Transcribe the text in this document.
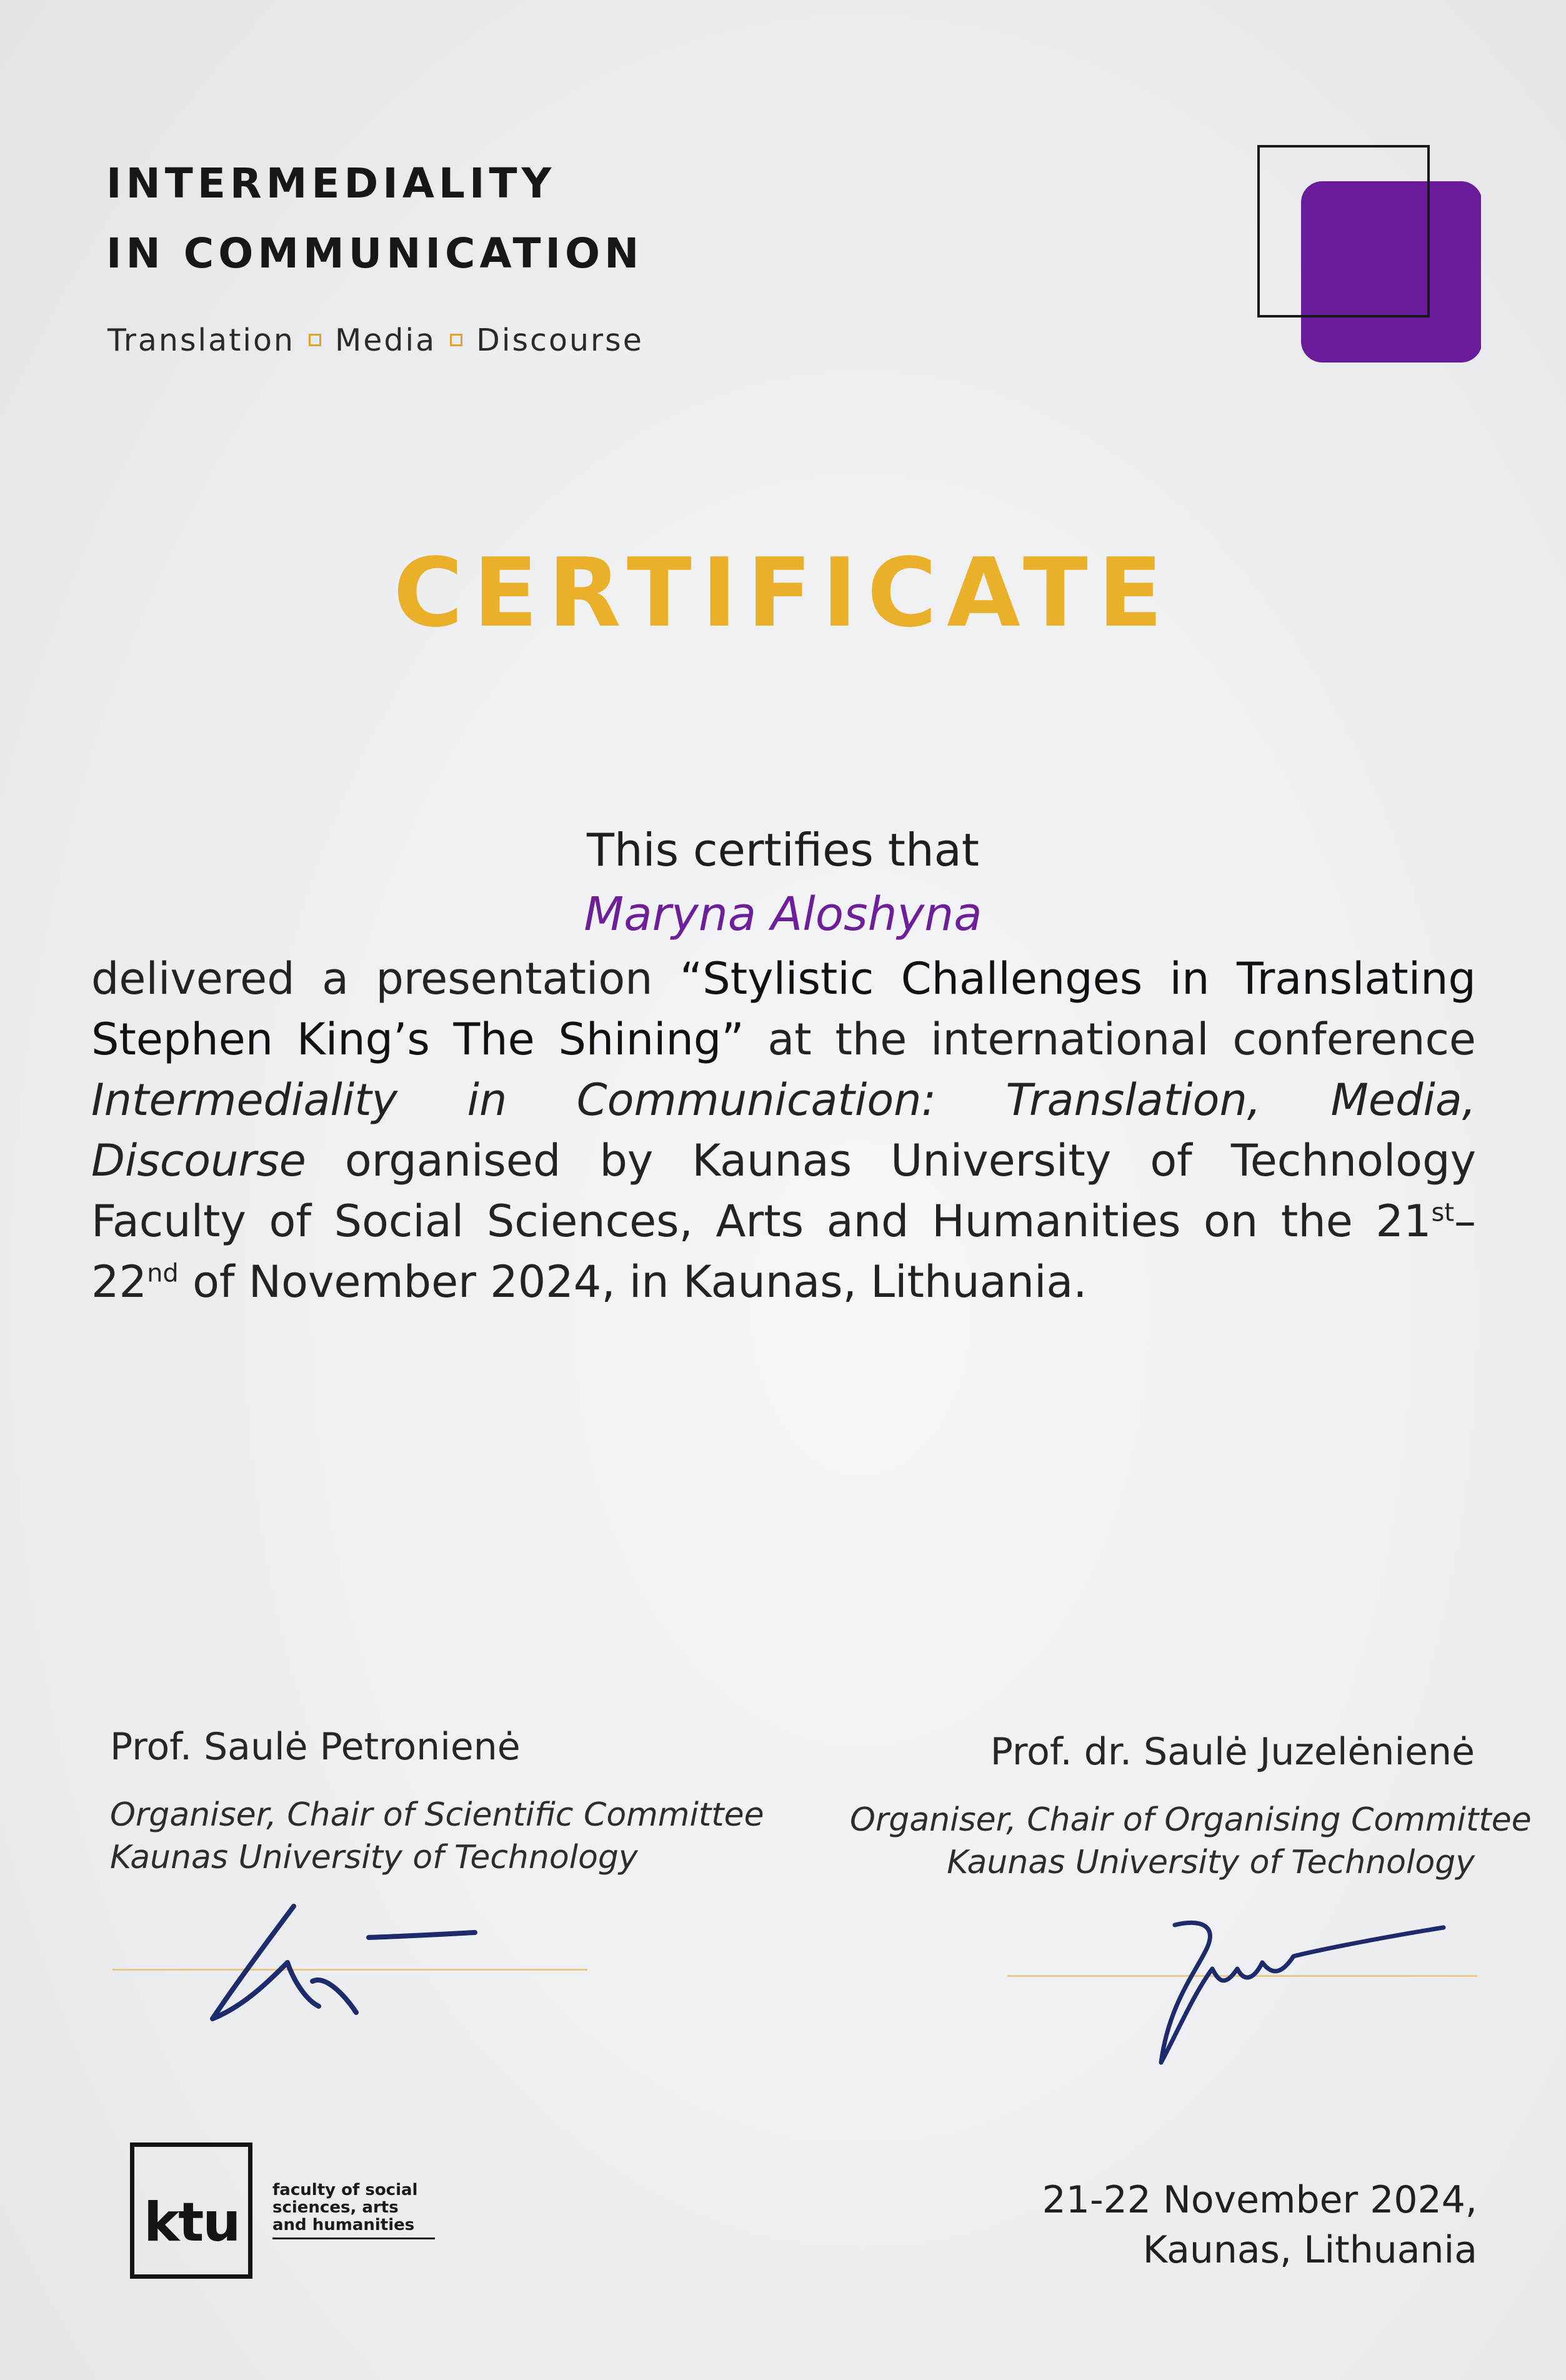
INTERMEDIALITY
IN COMMUNICATION
Translation Media Discourse
CERTIFICATE
This certifies that
Maryna Aloshyna
delivered a presentation “Stylistic Challenges in Translating Stephen King’s The Shining” at the international conference Intermediality in Communication: Translation, Media, Discourse organised by Kaunas University of Technology Faculty of Social Sciences, Arts and Humanities on the 21st–22nd of November 2024, in Kaunas, Lithuania.
Prof. Saulė Petronienė
Organiser, Chair of Scientific Committee
Kaunas University of Technology
Prof. dr. Saulė Juzelėnienė
Organiser, Chair of Organising Committee
Kaunas University of Technology
ktu
faculty of social
sciences, arts
and humanities
21-22 November 2024,
Kaunas, Lithuania
